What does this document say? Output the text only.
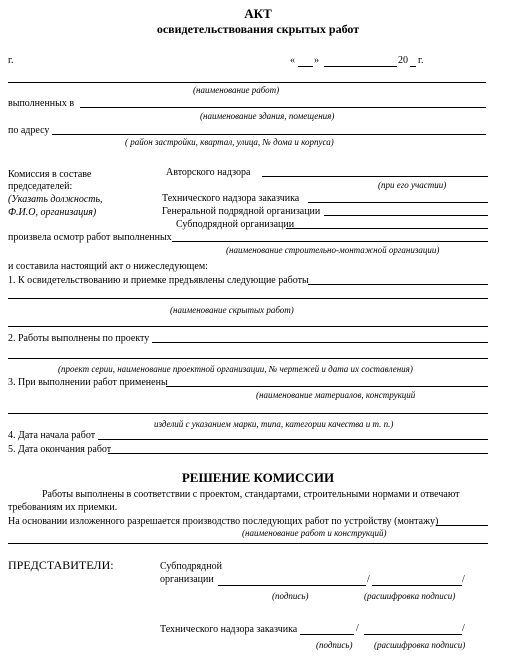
АКТ
освидетельствования скрытых работ
г.	« »	20 г.
(наименование работ)
выполненных в
(наименование здания, помещения)
по адресу
( район застройки, квартал, улица, № дома и корпуса)
Комиссия в составе
председателей:
(Указать должность,
Ф.И.О, организация)
Авторского надзора
(при его участии)
Технического надзора заказчика
Генеральной подрядной организации
Субподрядной организации
произвела осмотр работ выполненных
(наименование строительно-монтажной организации)
и составила настоящий акт о нижеследующем:
1. К освидетельствованию и приемке предъявлены следующие работы
(наименование скрытых работ)
2. Работы выполнены по проекту
(проект серии, наименование проектной организации, № чертежей и дата их составления)
3. При выполнении работ применены
(наименование материалов, конструкций
изделий с указанием марки, типа, категории качества и т. п.)
4. Дата начала работ
5. Дата окончания работ
РЕШЕНИЕ КОМИССИИ
Работы выполнены в соответствии с проектом, стандартами, строительными нормами и отвечают
требованиям их приемки.
На основании изложенного разрешается производство последующих работ по устройству (монтажу)
(наименование работ и конструкций)
ПРЕДСТАВИТЕЛИ:	Субподрядной
организации	/	/
(подпись)	(расшифровка подписи)
Технического надзора заказчика	/	/
(подпись) (расшифровка подписи)
